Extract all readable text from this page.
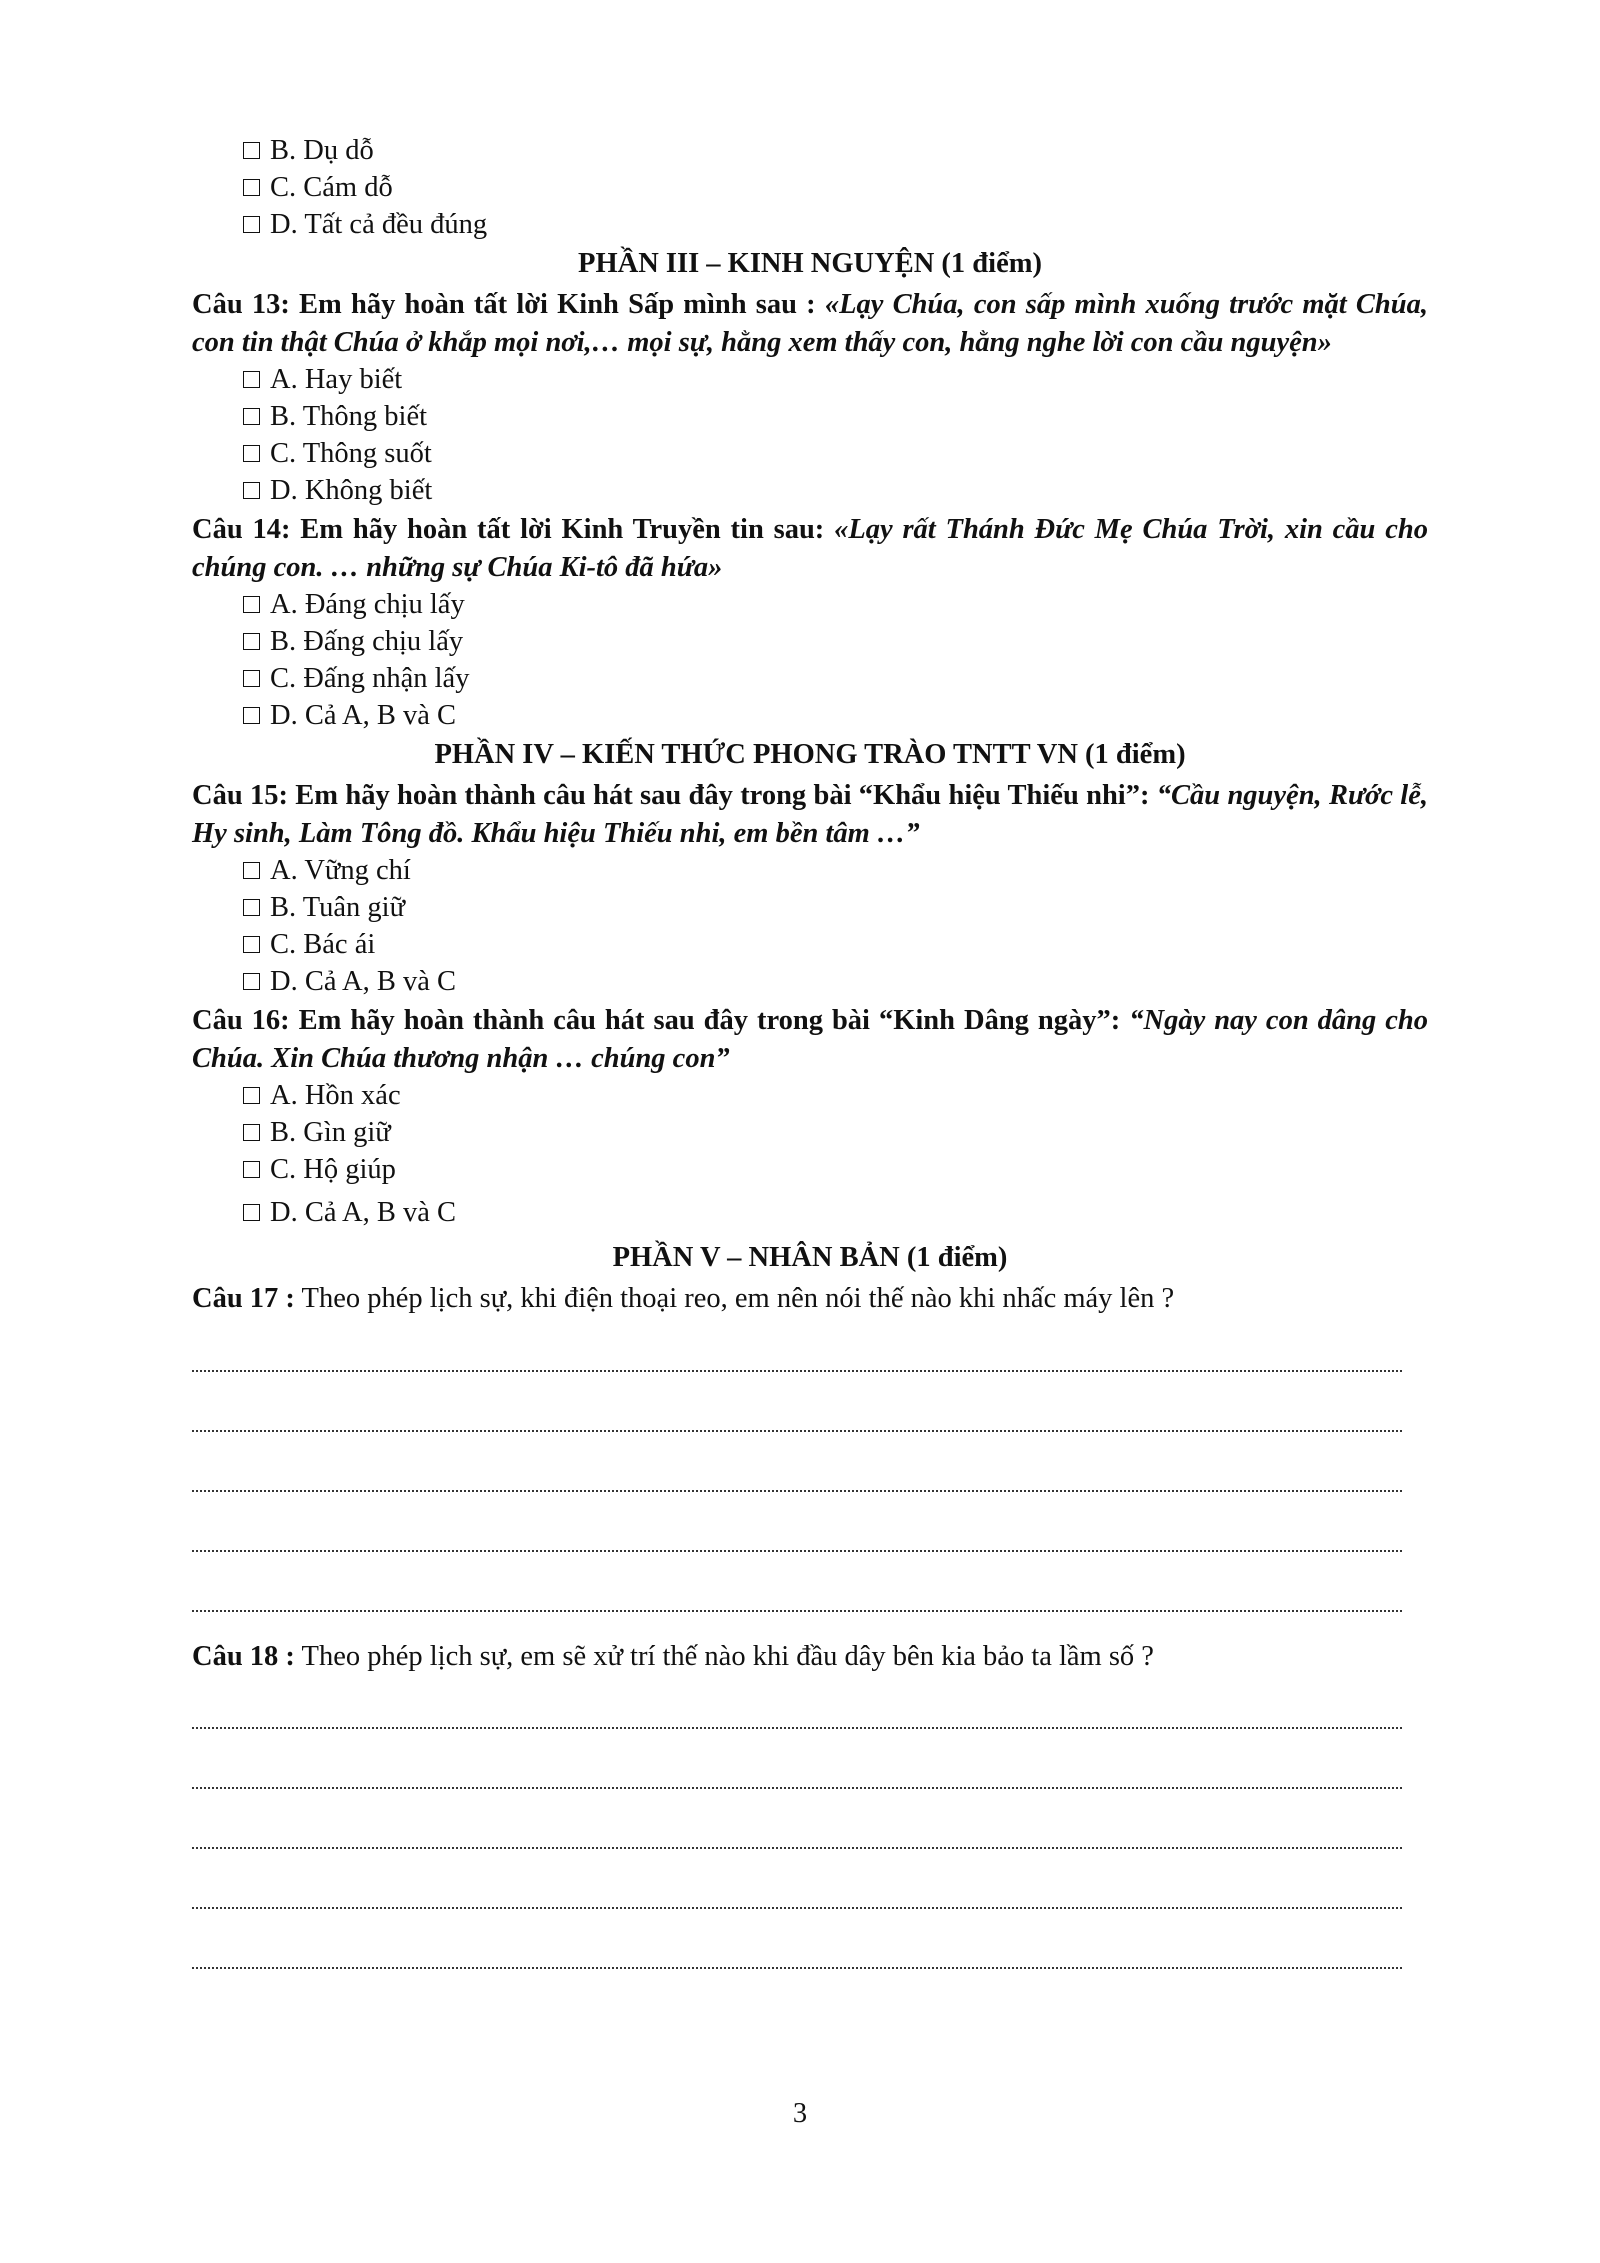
B. Dụ dỗ
C. Cám dỗ
D. Tất cả đều đúng
PHẦN III – KINH NGUYỆN (1 điểm)
Câu 13: Em hãy hoàn tất lời Kinh Sấp mình sau : «Lạy Chúa, con sấp mình xuống trước mặt Chúa, con tin thật Chúa ở khắp mọi nơi,… mọi sự, hằng xem thấy con, hằng nghe lời con cầu nguyện»
A. Hay biết
B. Thông biết
C. Thông suốt
D. Không biết
Câu 14: Em hãy hoàn tất lời Kinh Truyền tin sau: «Lạy rất Thánh Đức Mẹ Chúa Trời, xin cầu cho chúng con. … những sự Chúa Ki-tô đã hứa»
A. Đáng chịu lấy
B. Đấng chịu lấy
C. Đấng nhận lấy
D. Cả A, B và C
PHẦN IV – KIẾN THỨC PHONG TRÀO TNTT VN (1 điểm)
Câu 15: Em hãy hoàn thành câu hát sau đây trong bài “Khẩu hiệu Thiếu nhi”: “Cầu nguyện, Rước lễ, Hy sinh, Làm Tông đồ. Khẩu hiệu Thiếu nhi, em bền tâm …”
A. Vững chí
B. Tuân giữ
C. Bác ái
D. Cả A, B và C
Câu 16: Em hãy hoàn thành câu hát sau đây trong bài “Kinh Dâng ngày”: “Ngày nay con dâng cho Chúa. Xin Chúa thương nhận … chúng con”
A. Hồn xác
B. Gìn giữ
C. Hộ giúp
D. Cả A, B và C
PHẦN V – NHÂN BẢN (1 điểm)
Câu 17 : Theo phép lịch sự, khi điện thoại reo, em nên nói thế nào khi nhấc máy lên ?
Câu 18 : Theo phép lịch sự, em sẽ xử trí thế nào khi đầu dây bên kia bảo ta lầm số ?
3
